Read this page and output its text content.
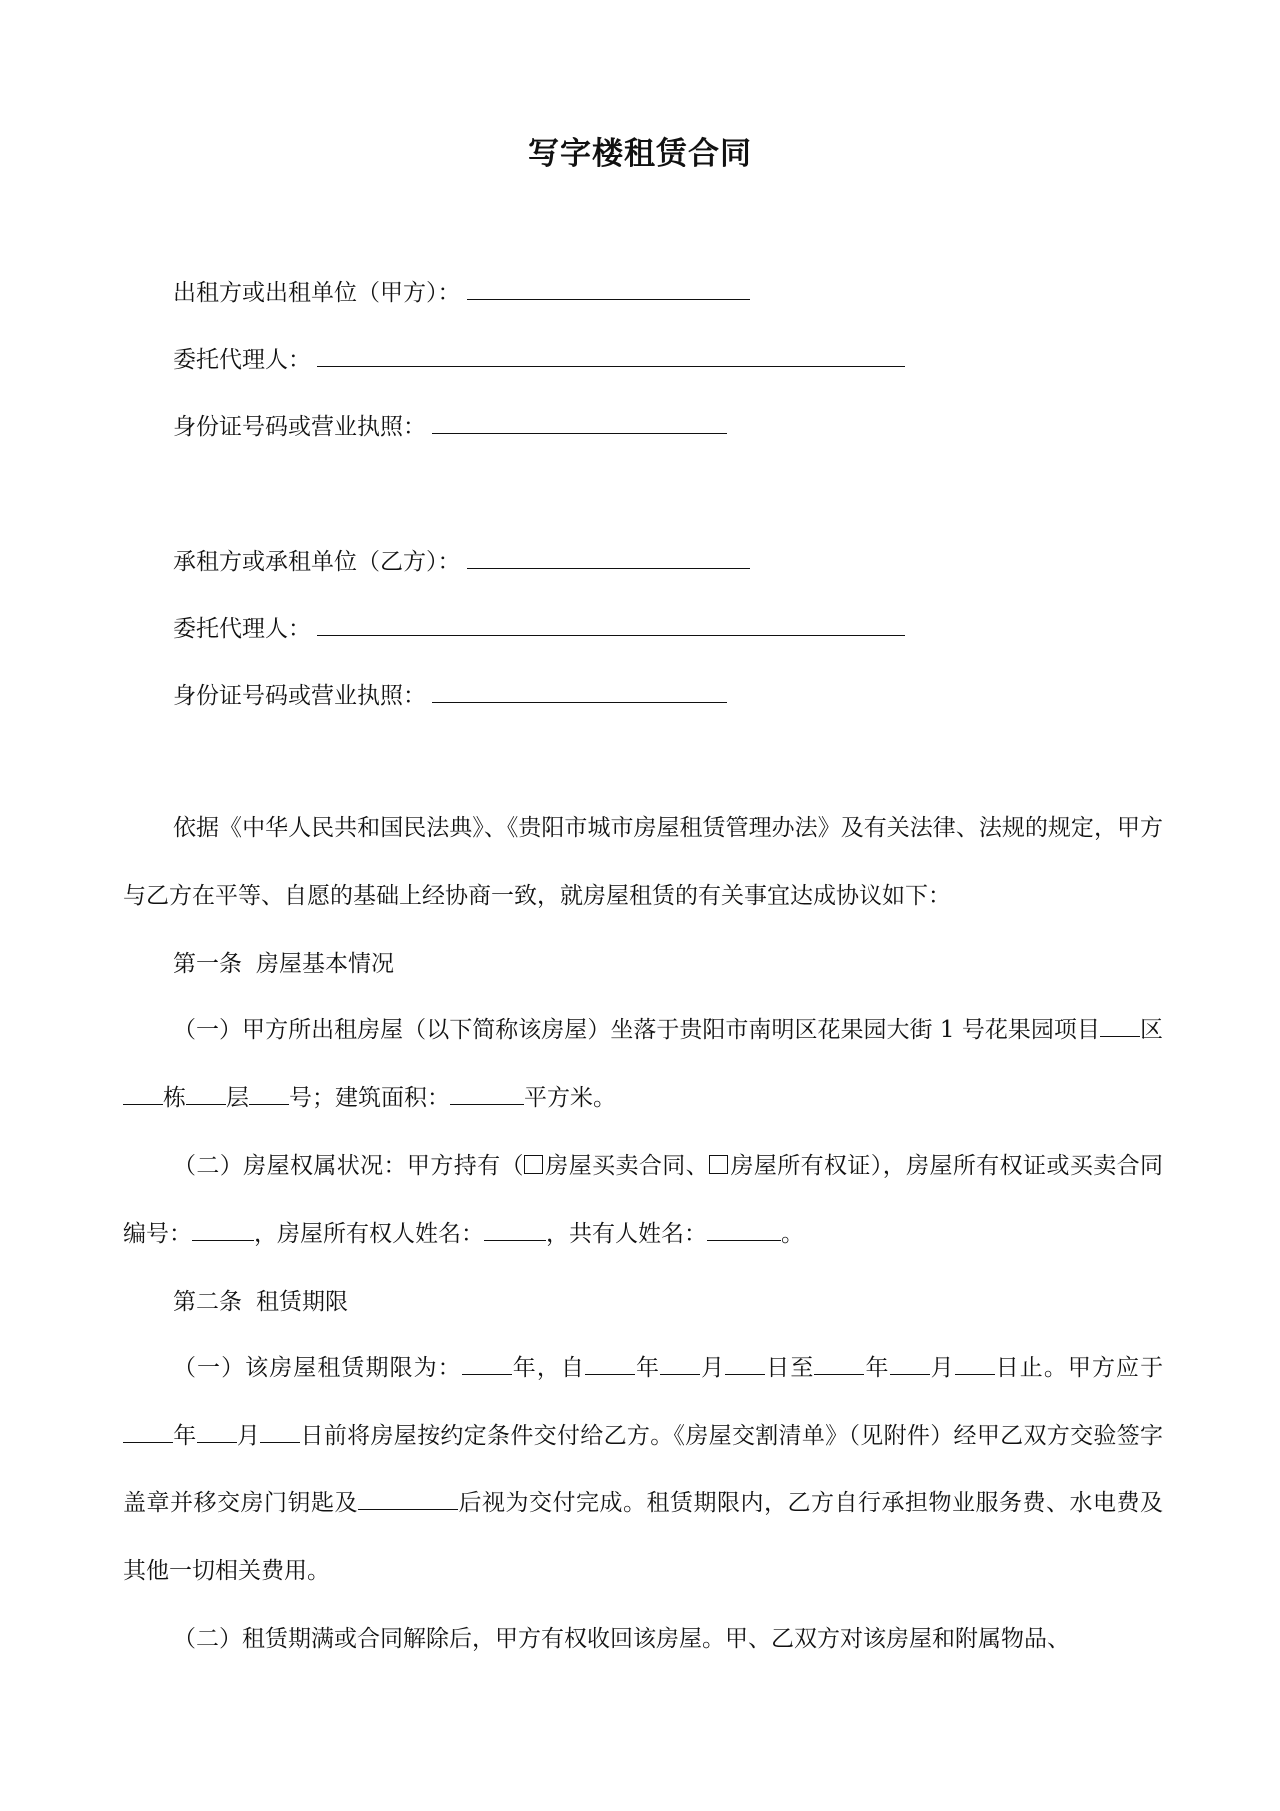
写字楼租赁合同
出租方或出租单位（甲方）：
委托代理人：
身份证号码或营业执照：
承租方或承租单位（乙方）：
委托代理人：
身份证号码或营业执照：
依据《中华人民共和国民法典》、《贵阳市城市房屋租赁管理办法》及有关法律、法规的规定，甲方与乙方在平等、自愿的基础上经协商一致，就房屋租赁的有关事宜达成协议如下：
第一条 房屋基本情况
（一）甲方所出租房屋（以下简称该房屋）坐落于贵阳市南明区花果园大街 1 号花果园项目 区栋 层 号；建筑面积：	平方米。
（二）房屋权属状况：甲方持有（ 房屋买卖合同、 房屋所有权证），房屋所有权证或买卖合同编号：	，房屋所有权人姓名：	，共有人姓名：	。
第二条 租赁期限
（一）该房屋租赁期限为： 年，自 年 月 日至 年 月 日止。甲方应于年 月 日前将房屋按约定条件交付给乙方。《房屋交割清单》（见附件）经甲乙双方交验签字盖章并移交房门钥匙及	后视为交付完成。租赁期限内，乙方自行承担物业服务费、水电费及其他一切相关费用。
（二）租赁期满或合同解除后，甲方有权收回该房屋。甲、乙双方对该房屋和附属物品、
